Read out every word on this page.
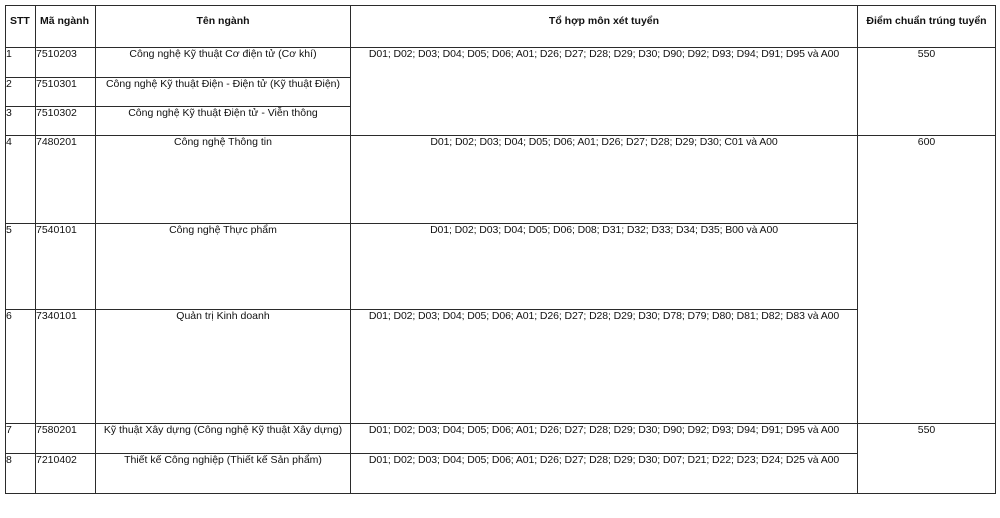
STT	Mã ngành	Tên ngành	Tổ hợp môn xét tuyển	Điểm chuẩn trúng tuyển
1	7510203	Công nghệ Kỹ thuật Cơ điện tử (Cơ khí)	D01; D02; D03; D04; D05; D06; A01; D26; D27; D28; D29; D30; D90; D92; D93; D94; D91; D95 và A00	550
2	7510301	Công nghệ Kỹ thuật Điện - Điện tử (Kỹ thuật Điện)		
3	7510302	Công nghệ Kỹ thuật Điện tử - Viễn thông		
4	7480201	Công nghệ Thông tin	D01; D02; D03; D04; D05; D06; A01; D26; D27; D28; D29; D30; C01 và A00	600
5	7540101	Công nghệ Thực phẩm	D01; D02; D03; D04; D05; D06; D08; D31; D32; D33; D34; D35; B00 và A00	
6	7340101	Quản trị Kinh doanh	D01; D02; D03; D04; D05; D06; A01; D26; D27; D28; D29; D30; D78; D79; D80; D81; D82; D83 và A00	
7	7580201	Kỹ thuật Xây dựng (Công nghệ Kỹ thuật Xây dựng)	D01; D02; D03; D04; D05; D06; A01; D26; D27; D28; D29; D30; D90; D92; D93; D94; D91; D95 và A00	550
8	7210402	Thiết kế Công nghiệp (Thiết kế Sản phẩm)	D01; D02; D03; D04; D05; D06; A01; D26; D27; D28; D29; D30; D07; D21; D22; D23; D24; D25 và A00	
